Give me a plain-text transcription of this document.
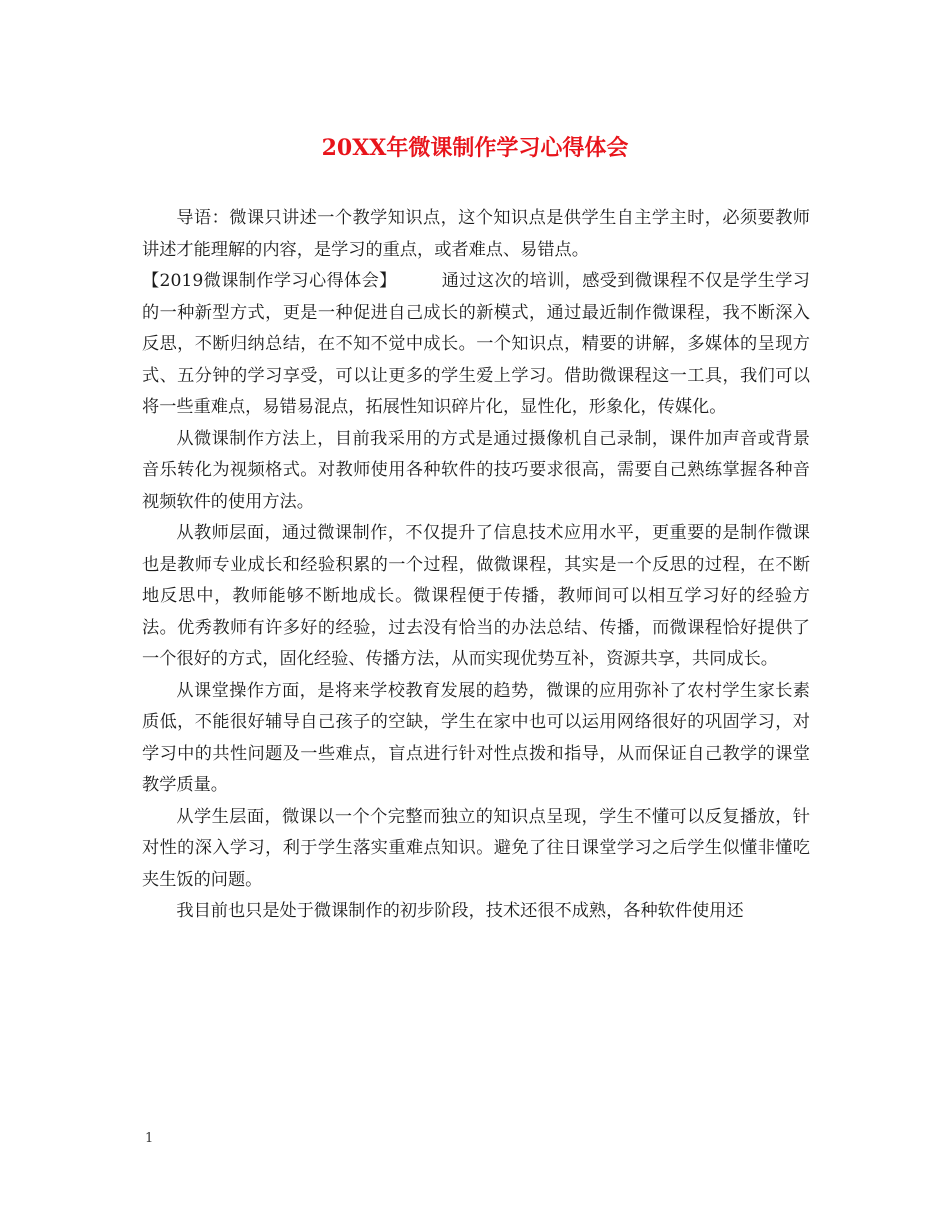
20XX年微课制作学习心得体会

导语：微课只讲述一个教学知识点，这个知识点是供学生自主学主时，必须要教师讲述才能理解的内容，是学习的重点，或者难点、易错点。

【2019微课制作学习心得体会】	通过这次的培训，感受到微课程不仅是学生学习的一种新型方式，更是一种促进自己成长的新模式，通过最近制作微课程，我不断深入反思，不断归纳总结，在不知不觉中成长。一个知识点，精要的讲解，多媒体的呈现方式、五分钟的学习享受，可以让更多的学生爱上学习。借助微课程这一工具，我们可以将一些重难点，易错易混点，拓展性知识碎片化，显性化，形象化，传媒化。

从微课制作方法上，目前我采用的方式是通过摄像机自己录制，课件加声音或背景音乐转化为视频格式。对教师使用各种软件的技巧要求很高，需要自己熟练掌握各种音视频软件的使用方法。

从教师层面，通过微课制作，不仅提升了信息技术应用水平，更重要的是制作微课也是教师专业成长和经验积累的一个过程，做微课程，其实是一个反思的过程，在不断地反思中，教师能够不断地成长。微课程便于传播，教师间可以相互学习好的经验方法。优秀教师有许多好的经验，过去没有恰当的办法总结、传播，而微课程恰好提供了一个很好的方式，固化经验、传播方法，从而实现优势互补，资源共享，共同成长。

从课堂操作方面，是将来学校教育发展的趋势，微课的应用弥补了农村学生家长素质低，不能很好辅导自己孩子的空缺，学生在家中也可以运用网络很好的巩固学习，对学习中的共性问题及一些难点，盲点进行针对性点拨和指导，从而保证自己教学的课堂教学质量。

从学生层面，微课以一个个完整而独立的知识点呈现，学生不懂可以反复播放，针对性的深入学习，利于学生落实重难点知识。避免了往日课堂学习之后学生似懂非懂吃夹生饭的问题。

我目前也只是处于微课制作的初步阶段，技术还很不成熟，各种软件使用还

1
